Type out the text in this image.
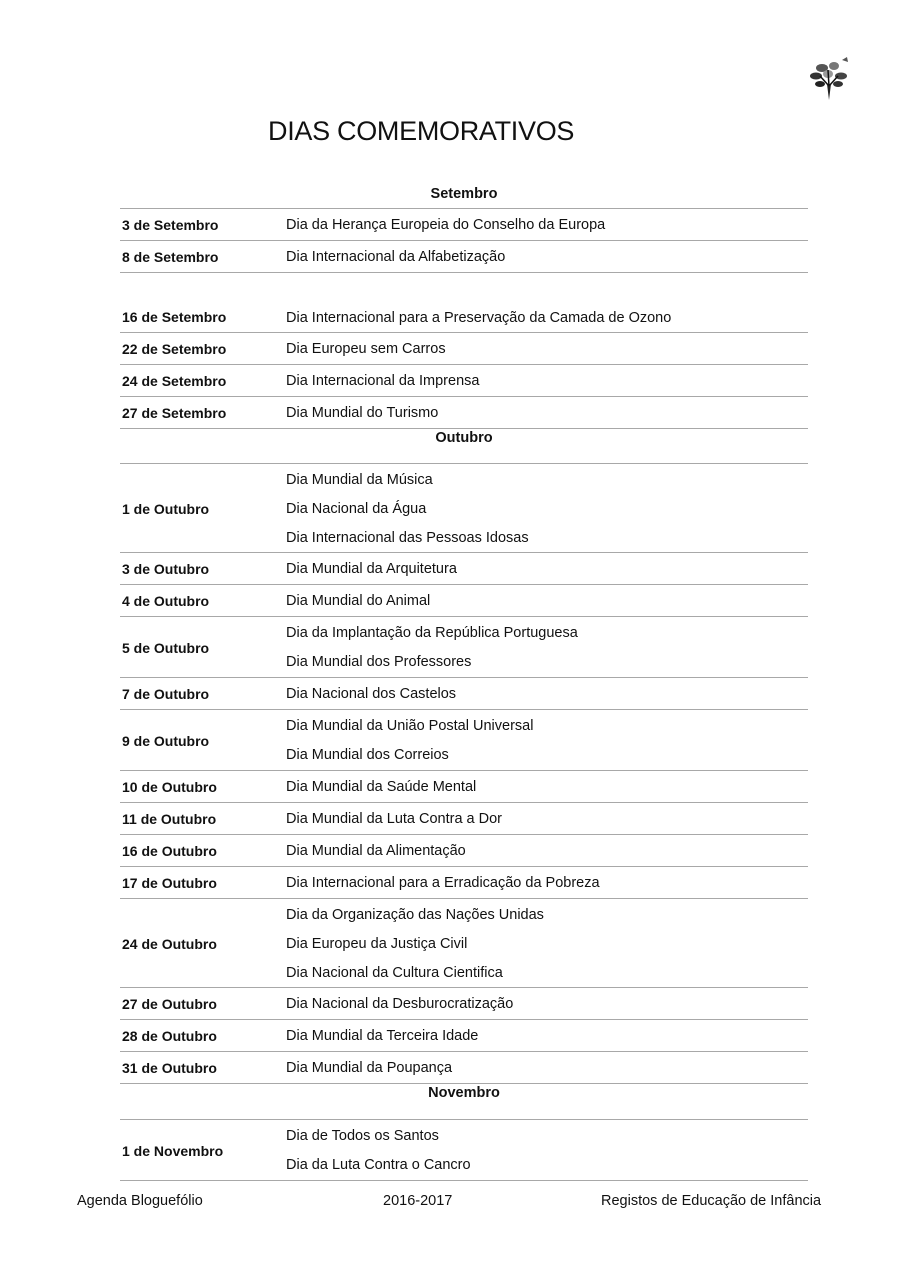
DIAS COMEMORATIVOS
Setembro
3 de Setembro	Dia da Herança Europeia do Conselho da Europa
8 de Setembro	Dia Internacional da Alfabetização
16 de Setembro	Dia Internacional para a Preservação da Camada de Ozono
22 de Setembro	Dia Europeu sem Carros
24 de Setembro	Dia Internacional da Imprensa
27 de Setembro	Dia Mundial do Turismo
Outubro
1 de Outubro
Dia Mundial da Música
Dia Nacional da Água
Dia Internacional das Pessoas Idosas
3 de Outubro	Dia Mundial da Arquitetura
4 de Outubro	Dia Mundial do Animal
5 de Outubro
Dia da Implantação da República Portuguesa
Dia Mundial dos Professores
7 de Outubro	Dia Nacional dos Castelos
9 de Outubro
Dia Mundial da União Postal Universal
Dia Mundial dos Correios
10 de Outubro	Dia Mundial da Saúde Mental
11 de Outubro	Dia Mundial da Luta Contra a Dor
16 de Outubro	Dia Mundial da Alimentação
17 de Outubro	Dia Internacional para a Erradicação da Pobreza
24 de Outubro
Dia da Organização das Nações Unidas
Dia Europeu da Justiça Civil
Dia Nacional da Cultura Cientifica
27 de Outubro	Dia Nacional da Desburocratização
28 de Outubro	Dia Mundial da Terceira Idade
31 de Outubro	Dia Mundial da Poupança
Novembro
1 de Novembro
Dia de Todos os Santos
Dia da Luta Contra o Cancro
Agenda Bloguefólio	2016-2017	Registos de Educação de Infância
